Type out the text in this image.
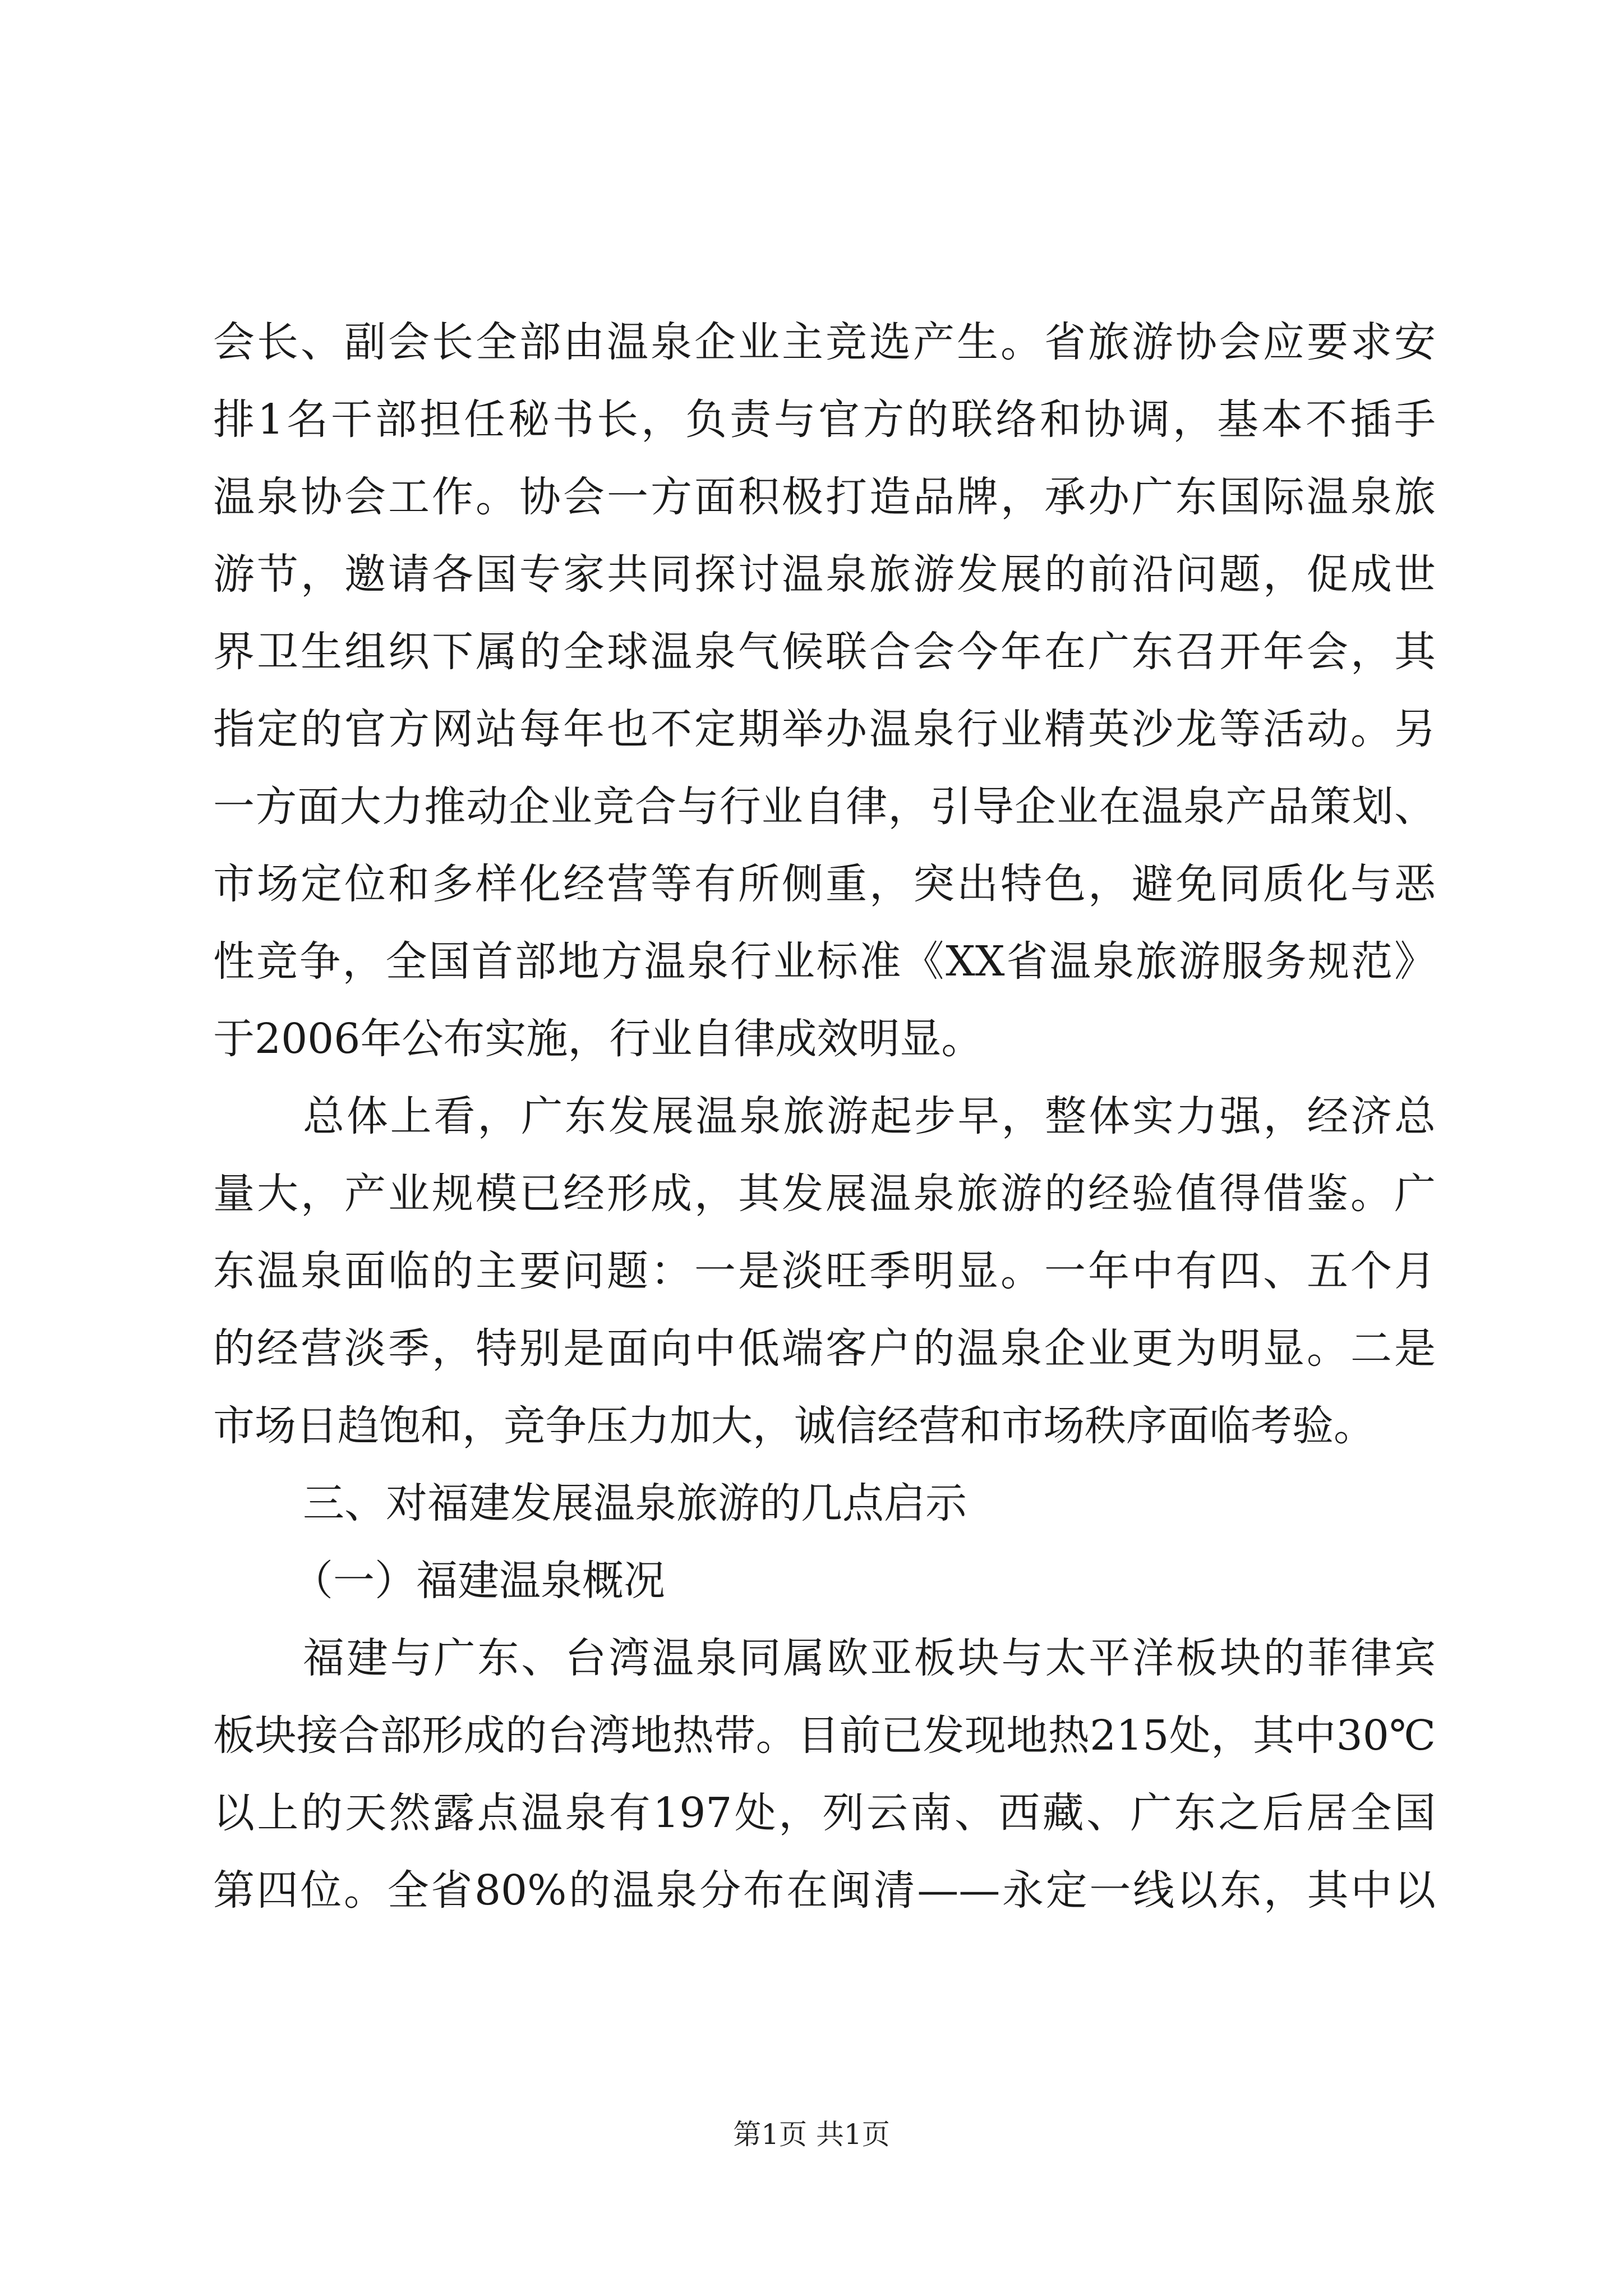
会长、副会长全部由温泉企业主竞选产生。省旅游协会应要求安
排1名干部担任秘书长，负责与官方的联络和协调，基本不插手
温泉协会工作。协会一方面积极打造品牌，承办广东国际温泉旅
游节，邀请各国专家共同探讨温泉旅游发展的前沿问题，促成世
界卫生组织下属的全球温泉气候联合会今年在广东召开年会，其
指定的官方网站每年也不定期举办温泉行业精英沙龙等活动。另
一方面大力推动企业竞合与行业自律，引导企业在温泉产品策划、
市场定位和多样化经营等有所侧重，突出特色，避免同质化与恶
性竞争，全国首部地方温泉行业标准《XX省温泉旅游服务规范》
于2006年公布实施，行业自律成效明显。
总体上看，广东发展温泉旅游起步早，整体实力强，经济总
量大，产业规模已经形成，其发展温泉旅游的经验值得借鉴。广
东温泉面临的主要问题：一是淡旺季明显。一年中有四、五个月
的经营淡季，特别是面向中低端客户的温泉企业更为明显。二是
市场日趋饱和，竞争压力加大，诚信经营和市场秩序面临考验。
三、对福建发展温泉旅游的几点启示
（一）福建温泉概况
福建与广东、台湾温泉同属欧亚板块与太平洋板块的菲律宾
板块接合部形成的台湾地热带。目前已发现地热215处，其中30℃
以上的天然露点温泉有197处，列云南、西藏、广东之后居全国
第四位。全省80%的温泉分布在闽清——永定一线以东，其中以
第1页 共1页
